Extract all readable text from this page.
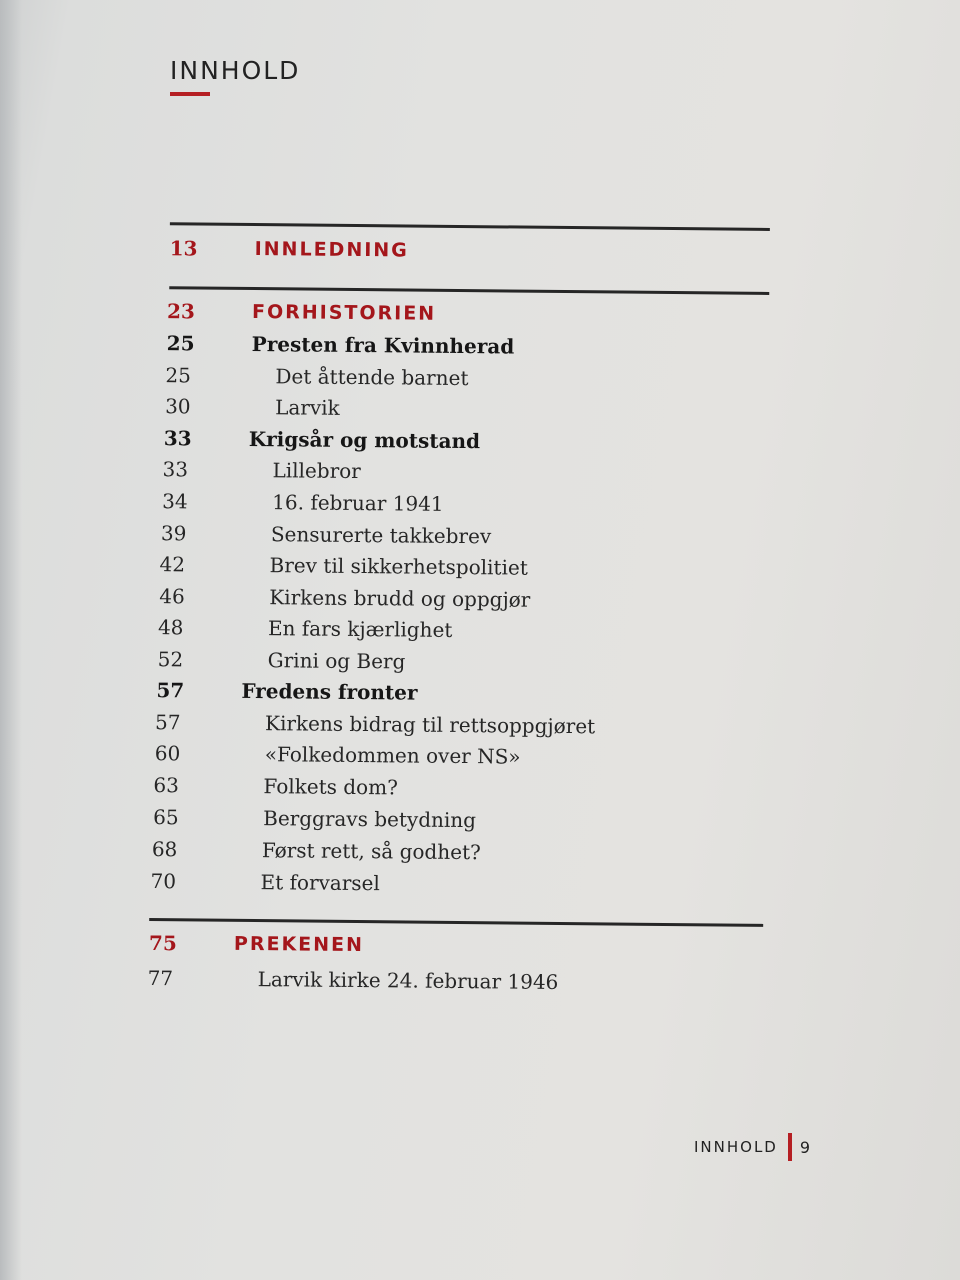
INNHOLD
13	INNLEDNING
23	FORHISTORIEN
25	Presten fra Kvinnherad
25	Det åttende barnet
30	Larvik
33	Krigsår og motstand
33	Lillebror
34	16. februar 1941
39	Sensurerte takkebrev
42	Brev til sikkerhetspolitiet
46	Kirkens brudd og oppgjør
48	En fars kjærlighet
52	Grini og Berg
57	Fredens fronter
57	Kirkens bidrag til rettsoppgjøret
60	«Folkedommen over NS»
63	Folkets dom?
65	Berggravs betydning
68	Først rett, så godhet?
70	Et forvarsel
75	PREKENEN
77	Larvik kirke 24. februar 1946
INNHOLD 9
